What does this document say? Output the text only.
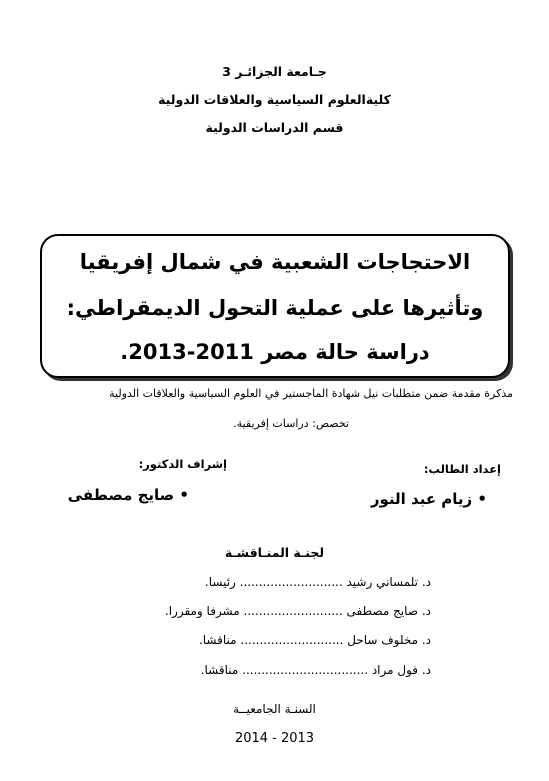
جـامعة الجزائـر 3
كليةالعلوم السياسية والعلاقات الدولية
قسم الدراسات الدولية
الاحتجاجات الشعبية في شمال إفريقيا
وتأثيرها على عملية التحول الديمقراطي:
دراسة حالة مصر 2011-2013.
مذكرة مقدمة ضمن متطلبات نيل شهادة الماجستير في العلوم السياسية والعلاقات الدولية
تخصص: دراسات إفريقية.
إعداد الطالب:
• زيام عبد النور
إشراف الدكتور:
• صايج مصطفى
لجنـة المنـاقشـة
د. تلمساني رشيد ........................... رئيسا.
د. صايج مصطفى .......................... مشرفا ومقررا.
د. مخلوف ساحل ........................... مناقشا.
د. فول مراد ................................. مناقشا.
السنـة الجامعيــة
2014 - 2013
